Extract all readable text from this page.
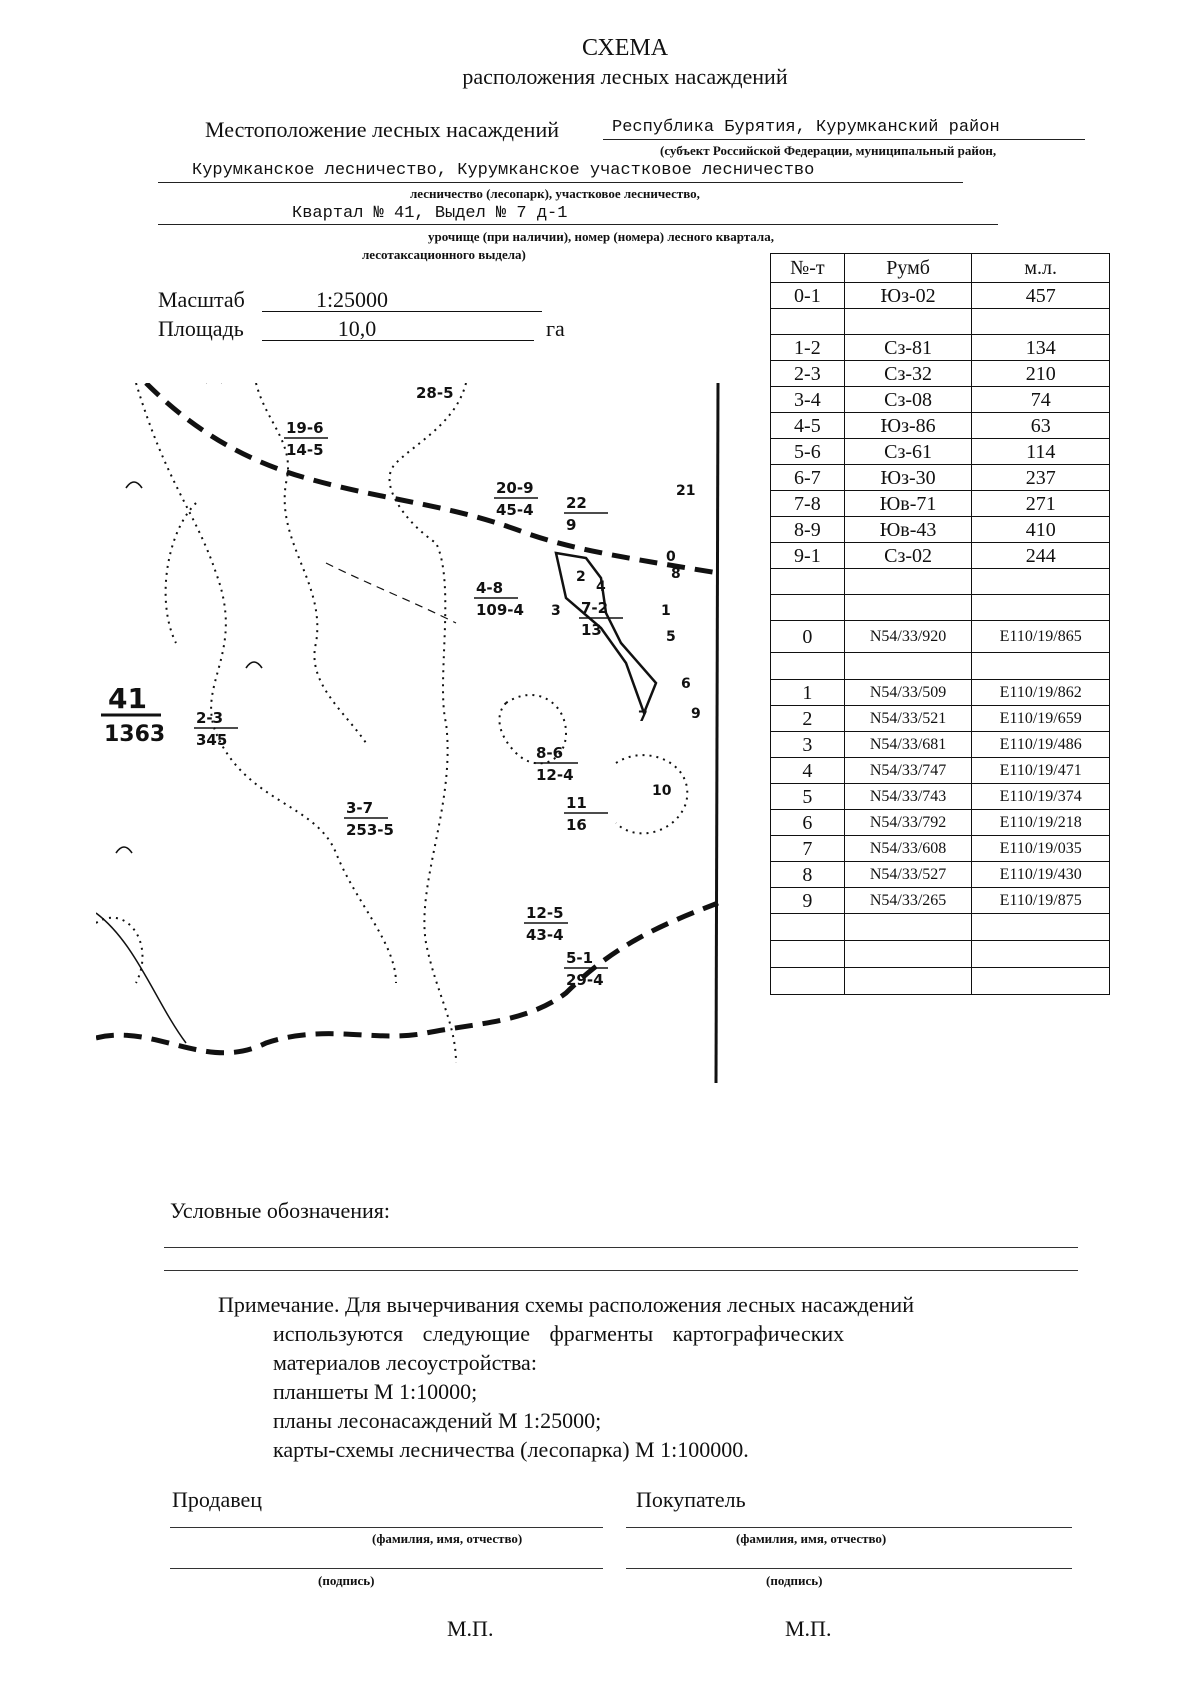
СХЕМА
расположения лесных насаждений
Местоположение лесных насаждений	Республика Бурятия, Курумканский район
(субъект Российской Федерации, муниципальный район,
Курумканское лесничество, Курумканское участковое лесничество
лесничество (лесопарк), участковое лесничество,
Квартал № 41, Выдел № 7 д-1
урочище (при наличии), номер (номера) лесного квартала,
лесотаксационного выдела)
Масштаб	1:25000
Площадь	10,0	га
№-т	Румб	м.л.
0-1	Юз-02	457

1-2	Сз-81	134
2-3	Сз-32	210
3-4	Сз-08	74
4-5	Юз-86	63
5-6	Сз-61	114
6-7	Юз-30	237
7-8	Юв-71	271
8-9	Юв-43	410
9-1	Сз-02	244

0	N54/33/920	E110/19/865

1	N54/33/509	E110/19/862
2	N54/33/521	E110/19/659
3	N54/33/681	E110/19/486
4	N54/33/747	E110/19/471
5	N54/33/743	E110/19/374
6	N54/33/792	E110/19/218
7	N54/33/608	E110/19/035
8	N54/33/527	E110/19/430
9	N54/33/265	E110/19/875

19-6
14-5
28-5
20-9
45-4 22
9
4-8
109-4	7-2
13
2-3
345
8-6
12-4
3-7
253-5
11
16
12-5
43-4
5-1
29-4
41
1363
0
1
2
3
4
5
6
7
8
9
10
21
Условные обозначения:
Примечание. Для вычерчивания схемы расположения лесных насаждений
используются следующие фрагменты картографических
материалов лесоустройства:
планшеты М 1:10000;
планы лесонасаждений М 1:25000;
карты-схемы лесничества (лесопарка) М 1:100000.
Продавец	Покупатель
(фамилия, имя, отчество)
(подпись)
М.П.
(фамилия, имя, отчество)
(подпись)
М.П.
